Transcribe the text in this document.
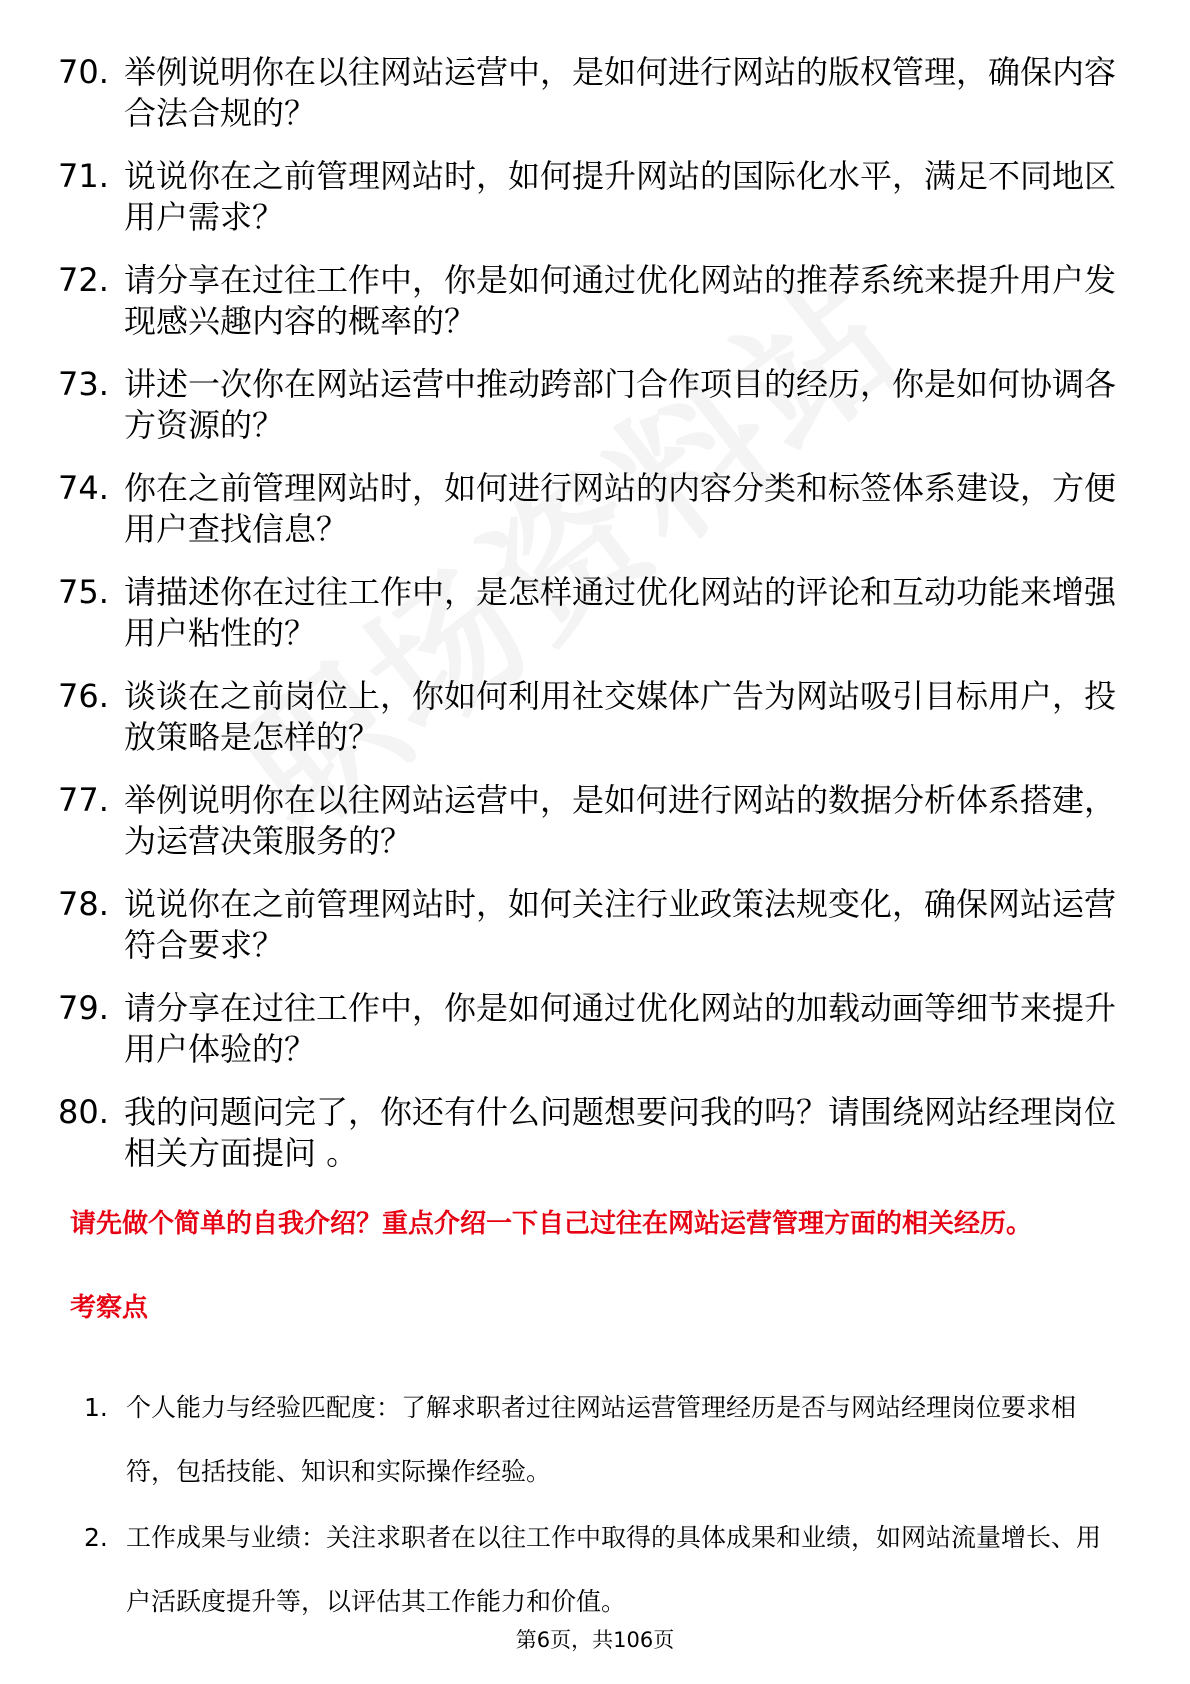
70. 举例说明你在以往网站运营中，是如何进行网站的版权管理，确保内容合法合规的？
71. 说说你在之前管理网站时，如何提升网站的国际化水平，满足不同地区用户需求？
72. 请分享在过往工作中，你是如何通过优化网站的推荐系统来提升用户发现感兴趣内容的概率的？
73. 讲述一次你在网站运营中推动跨部门合作项目的经历，你是如何协调各方资源的？
74. 你在之前管理网站时，如何进行网站的内容分类和标签体系建设，方便用户查找信息？
75. 请描述你在过往工作中，是怎样通过优化网站的评论和互动功能来增强用户粘性的？
76. 谈谈在之前岗位上，你如何利用社交媒体广告为网站吸引目标用户，投放策略是怎样的？
77. 举例说明你在以往网站运营中，是如何进行网站的数据分析体系搭建，为运营决策服务的？
78. 说说你在之前管理网站时，如何关注行业政策法规变化，确保网站运营符合要求？
79. 请分享在过往工作中，你是如何通过优化网站的加载动画等细节来提升用户体验的？
80. 我的问题问完了，你还有什么问题想要问我的吗？请围绕网站经理岗位相关方面提问 。
请先做个简单的自我介绍？重点介绍一下自己过往在网站运营管理方面的相关经历。
考察点
1. 个人能力与经验匹配度：了解求职者过往网站运营管理经历是否与网站经理岗位要求相符，包括技能、知识和实际操作经验。
2. 工作成果与业绩：关注求职者在以往工作中取得的具体成果和业绩，如网站流量增长、用户活跃度提升等，以评估其工作能力和价值。
第6页，共106页
